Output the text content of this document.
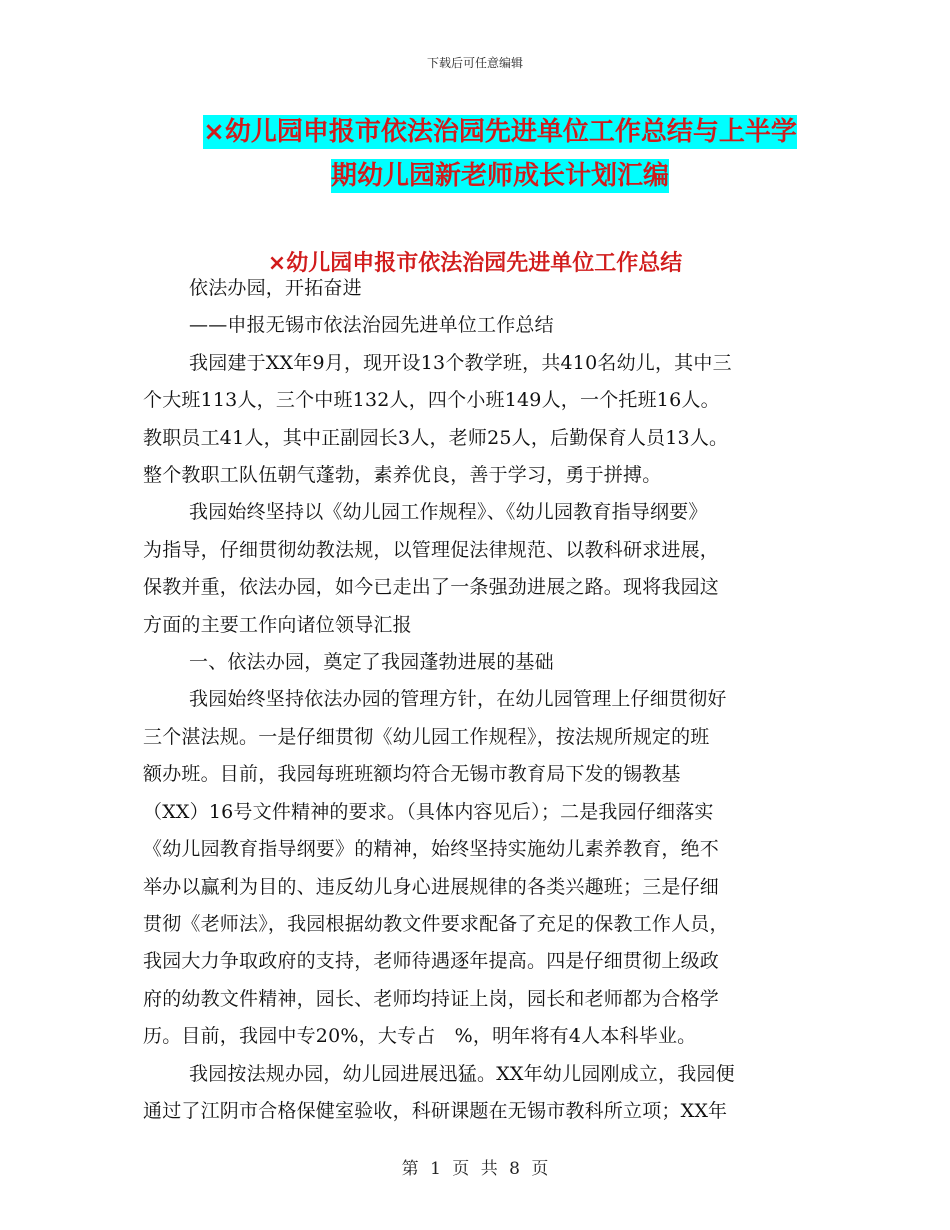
下载后可任意编辑
×幼儿园申报市依法治园先进单位工作总结与上半学
期幼儿园新老师成长计划汇编
×幼儿园申报市依法治园先进单位工作总结
依法办园，开拓奋进
——申报无锡市依法治园先进单位工作总结
我园建于XX年9月，现开设13个教学班，共410名幼儿，其中三
个大班113人，三个中班132人，四个小班149人，一个托班16人。
教职员工41人，其中正副园长3人，老师25人，后勤保育人员13人。
整个教职工队伍朝气蓬勃，素养优良，善于学习，勇于拼搏。
我园始终坚持以《幼儿园工作规程》、《幼儿园教育指导纲要》
为指导，仔细贯彻幼教法规，以管理促法律规范、以教科研求进展，
保教并重，依法办园，如今已走出了一条强劲进展之路。现将我园这
方面的主要工作向诸位领导汇报
一、依法办园，奠定了我园蓬勃进展的基础
我园始终坚持依法办园的管理方针，在幼儿园管理上仔细贯彻好
三个湛法规。一是仔细贯彻《幼儿园工作规程》，按法规所规定的班
额办班。目前，我园每班班额均符合无锡市教育局下发的锡教基
（XX）16号文件精神的要求。（具体内容见后）；二是我园仔细落实
《幼儿园教育指导纲要》的精神，始终坚持实施幼儿素养教育，绝不
举办以赢利为目的、违反幼儿身心进展规律的各类兴趣班；三是仔细
贯彻《老师法》，我园根据幼教文件要求配备了充足的保教工作人员，
我园大力争取政府的支持，老师待遇逐年提高。四是仔细贯彻上级政
府的幼教文件精神，园长、老师均持证上岗，园长和老师都为合格学
历。目前，我园中专20%，大专占　%，明年将有4人本科毕业。
我园按法规办园，幼儿园进展迅猛。XX年幼儿园刚成立，我园便
通过了江阴市合格保健室验收，科研课题在无锡市教科所立项；XX年
第 1 页 共 8 页
